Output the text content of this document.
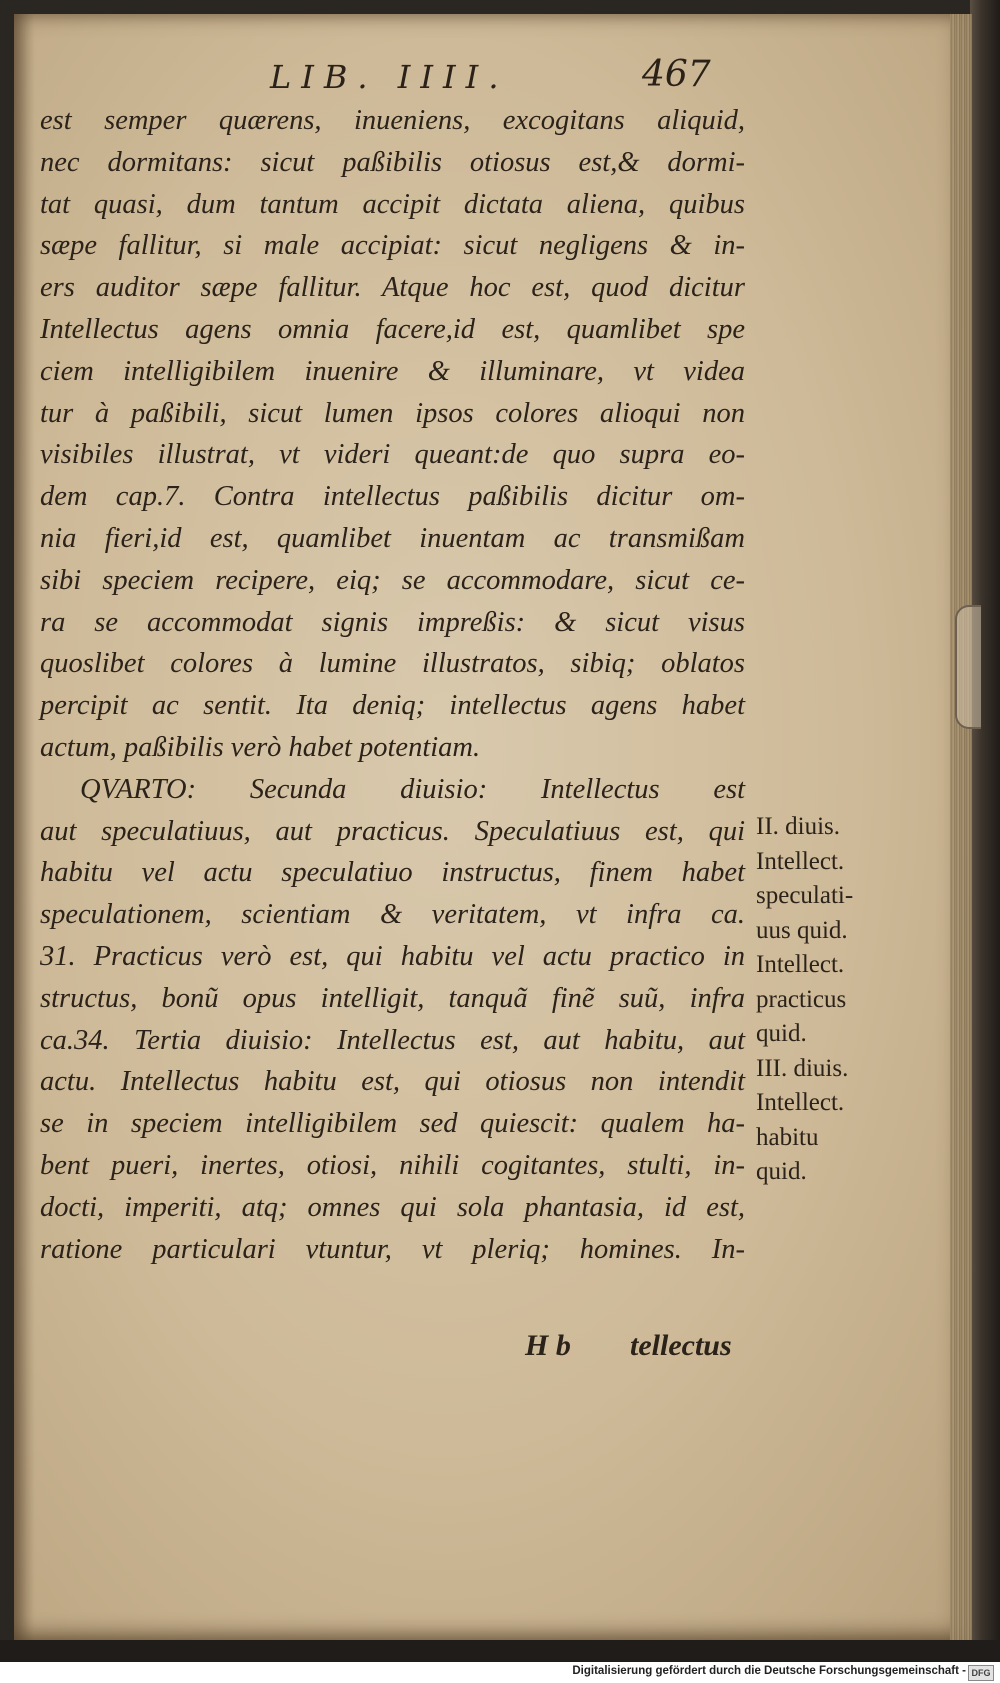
LIB. IIII.	467
est semper quærens, inueniens, excogitans aliquid,
nec dormitans: sicut paßibilis otiosus est,& dormi-
tat quasi, dum tantum accipit dictata aliena, quibus
sæpe fallitur, si male accipiat: sicut negligens & in-
ers auditor sæpe fallitur. Atque hoc est, quod dicitur
Intellectus agens omnia facere,id est, quamlibet spe
ciem intelligibilem inuenire & illuminare, vt videa
tur à paßibili, sicut lumen ipsos colores alioqui non
visibiles illustrat, vt videri queant:de quo supra eo-
dem cap.7. Contra intellectus paßibilis dicitur om-
nia fieri,id est, quamlibet inuentam ac transmißam
sibi speciem recipere, eiq; se accommodare, sicut ce-
ra se accommodat signis impreßis: & sicut visus
quoslibet colores à lumine illustratos, sibiq; oblatos
percipit ac sentit. Ita deniq; intellectus agens habet
actum, paßibilis verò habet potentiam.
QVARTO: Secunda diuisio: Intellectus est
aut speculatiuus, aut practicus. Speculatiuus est, qui
habitu vel actu speculatiuo instructus, finem habet
speculationem, scientiam & veritatem, vt infra ca.
31. Practicus verò est, qui habitu vel actu practico in
structus, bonũ opus intelligit, tanquã finẽ suũ, infra
ca.34. Tertia diuisio: Intellectus est, aut habitu, aut
actu. Intellectus habitu est, qui otiosus non intendit
se in speciem intelligibilem sed quiescit: qualem ha-
bent pueri, inertes, otiosi, nihili cogitantes, stulti, in-
docti, imperiti, atq; omnes qui sola phantasia, id est,
ratione particulari vtuntur, vt pleriq; homines. In-
H b tellectus
II. diuis.
Intellect.
speculati-
uus quid.
Intellect.
practicus
quid.
III. diuis.
Intellect.
habitu
quid.
Digitalisierung gefördert durch die Deutsche Forschungsgemeinschaft - DFG
